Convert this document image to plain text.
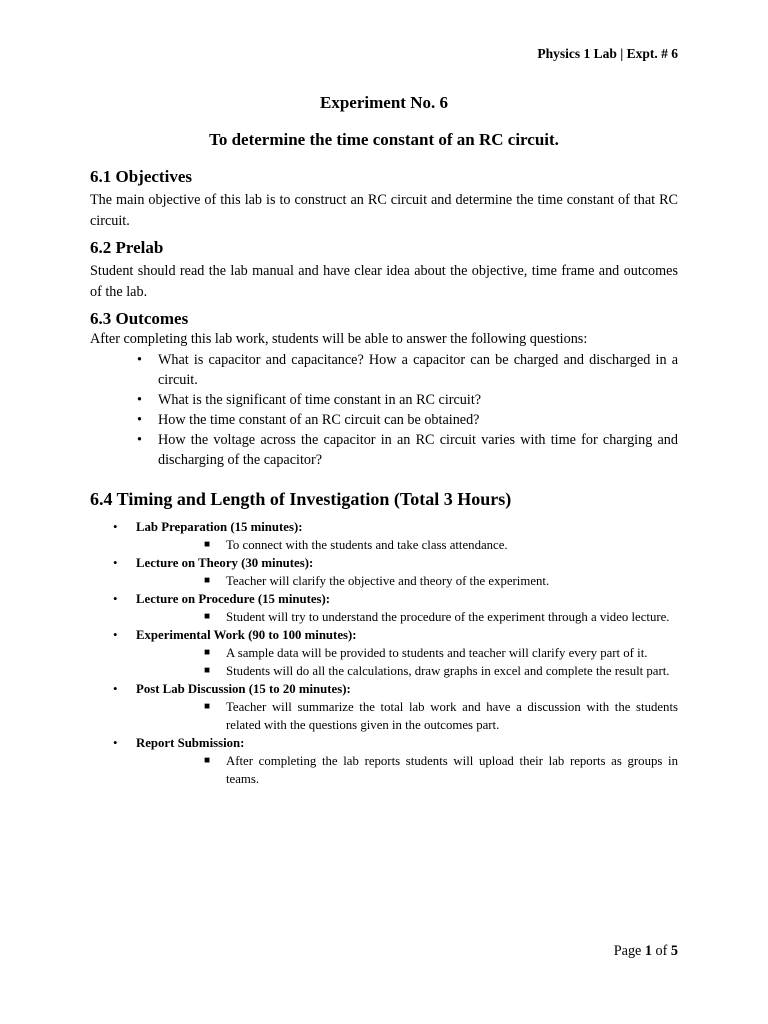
Physics 1 Lab | Expt. # 6
Experiment No. 6
To determine the time constant of an RC circuit.
6.1 Objectives
The main objective of this lab is to construct an RC circuit and determine the time constant of that RC circuit.
6.2 Prelab
Student should read the lab manual and have clear idea about the objective, time frame and outcomes of the lab.
6.3 Outcomes
After completing this lab work, students will be able to answer the following questions:
• What is capacitor and capacitance? How a capacitor can be charged and discharged in a circuit.
• What is the significant of time constant in an RC circuit?
• How the time constant of an RC circuit can be obtained?
• How the voltage across the capacitor in an RC circuit varies with time for charging and discharging of the capacitor?
6.4 Timing and Length of Investigation (Total 3 Hours)
• Lab Preparation (15 minutes):
■ To connect with the students and take class attendance.
• Lecture on Theory (30 minutes):
■ Teacher will clarify the objective and theory of the experiment.
• Lecture on Procedure (15 minutes):
■ Student will try to understand the procedure of the experiment through a video lecture.
• Experimental Work (90 to 100 minutes):
■ A sample data will be provided to students and teacher will clarify every part of it.
■ Students will do all the calculations, draw graphs in excel and complete the result part.
• Post Lab Discussion (15 to 20 minutes):
■ Teacher will summarize the total lab work and have a discussion with the students related with the questions given in the outcomes part.
• Report Submission:
■ After completing the lab reports students will upload their lab reports as groups in teams.
Page 1 of 5
